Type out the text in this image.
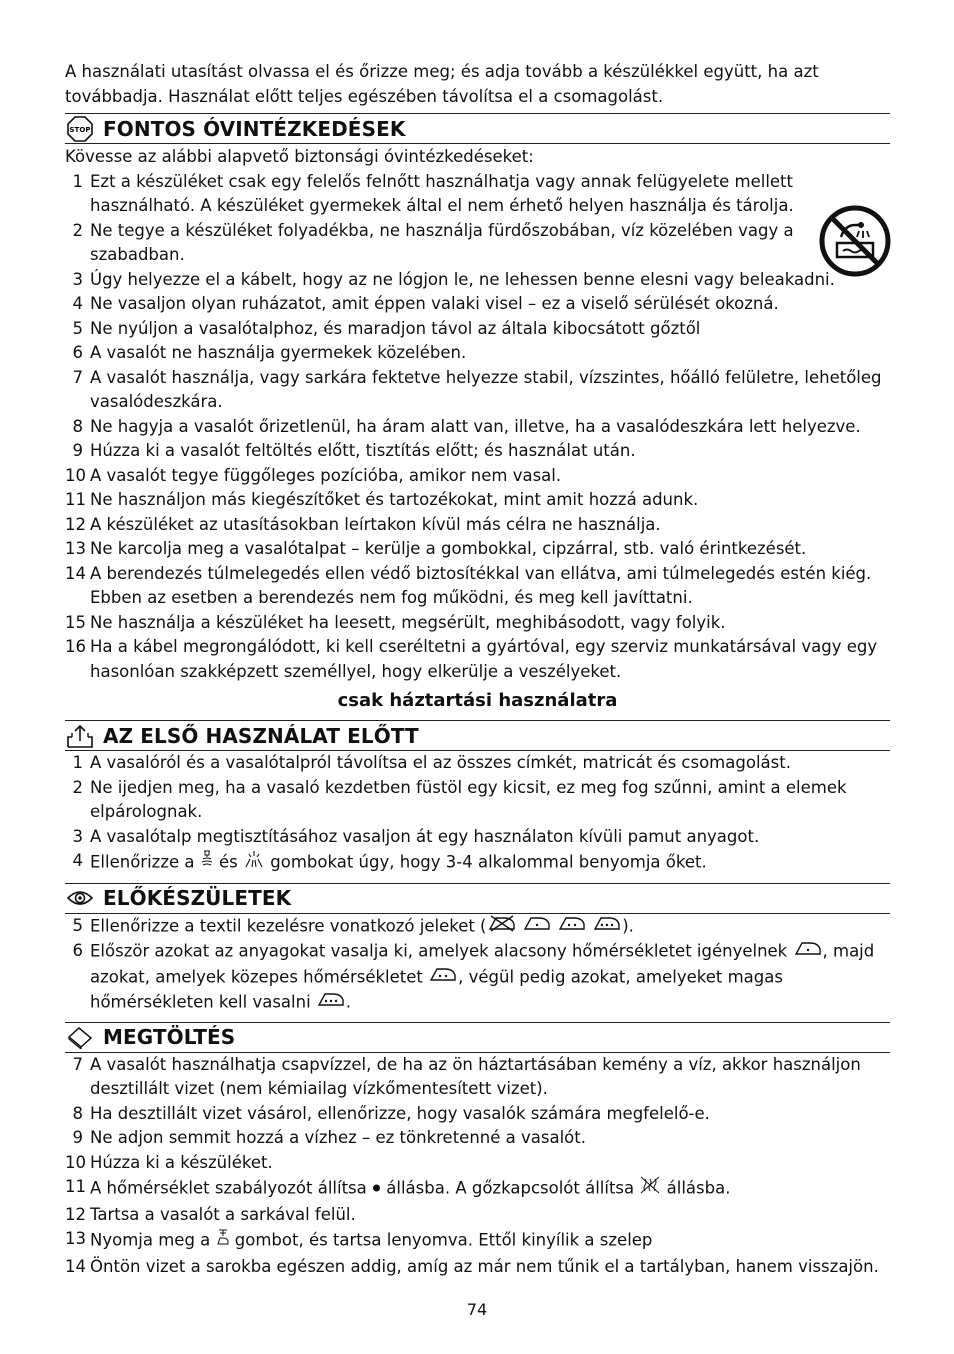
A használati utasítást olvassa el és őrizze meg; és adja tovább a készülékkel együtt, ha azt továbbadja. Használat előtt teljes egészében távolítsa el a csomagolást.

STOP FONTOS ÓVINTÉZKEDÉSEK
Kövesse az alábbi alapvető biztonsági óvintézkedéseket:
1 Ezt a készüléket csak egy felelős felnőtt használhatja vagy annak felügyelete mellett használható. A készüléket gyermekek által el nem érhető helyen használja és tárolja.
2 Ne tegye a készüléket folyadékba, ne használja fürdőszobában, víz közelében vagy a szabadban.
3 Úgy helyezze el a kábelt, hogy az ne lógjon le, ne lehessen benne elesni vagy beleakadni.
4 Ne vasaljon olyan ruházatot, amit éppen valaki visel – ez a viselő sérülését okozná.
5 Ne nyúljon a vasalótalphoz, és maradjon távol az általa kibocsátott gőztől
6 A vasalót ne használja gyermekek közelében.
7 A vasalót használja, vagy sarkára fektetve helyezze stabil, vízszintes, hőálló felületre, lehetőleg vasalódeszkára.
8 Ne hagyja a vasalót őrizetlenül, ha áram alatt van, illetve, ha a vasalódeszkára lett helyezve.
9 Húzza ki a vasalót feltöltés előtt, tisztítás előtt; és használat után.
10 A vasalót tegye függőleges pozícióba, amikor nem vasal.
11 Ne használjon más kiegészítőket és tartozékokat, mint amit hozzá adunk.
12 A készüléket az utasításokban leírtakon kívül más célra ne használja.
13 Ne karcolja meg a vasalótalpat – kerülje a gombokkal, cipzárral, stb. való érintkezését.
14 A berendezés túlmelegedés ellen védő biztosítékkal van ellátva, ami túlmelegedés estén kiég. Ebben az esetben a berendezés nem fog működni, és meg kell javíttatni.
15 Ne használja a készüléket ha leesett, megsérült, meghibásodott, vagy folyik.
16 Ha a kábel megrongálódott, ki kell cseréltetni a gyártóval, egy szerviz munkatársával vagy egy hasonlóan szakképzett személlyel, hogy elkerülje a veszélyeket.
csak háztartási használatra
AZ ELSŐ HASZNÁLAT ELŐTT
1 A vasalóról és a vasalótalpról távolítsa el az összes címkét, matricát és csomagolást.
2 Ne ijedjen meg, ha a vasaló kezdetben füstöl egy kicsit, ez meg fog szűnni, amint a elemek elpárolognak.
3 A vasalótalp megtisztításához vasaljon át egy használaton kívüli pamut anyagot.
4 Ellenőrizze a és gombokat úgy, hogy 3-4 alkalommal benyomja őket.
ELŐKÉSZÜLETEK
5 Ellenőrizze a textil kezelésre vonatkozó jeleket (	).
6 Először azokat az anyagokat vasalja ki, amelyek alacsony hőmérsékletet igényelnek , majd azokat, amelyek közepes hőmérsékletet , végül pedig azokat, amelyeket magas hőmérsékleten kell vasalni .
MEGTÖLTÉS
7 A vasalót használhatja csapvízzel, de ha az ön háztartásában kemény a víz, akkor használjon desztillált vizet (nem kémiailag vízkőmentesített vizet).
8 Ha desztillált vizet vásárol, ellenőrizze, hogy vasalók számára megfelelő-e.
9 Ne adjon semmit hozzá a vízhez – ez tönkretenné a vasalót.
10 Húzza ki a készüléket.
11 A hőmérséklet szabályozót állítsa állásba. A gőzkapcsolót állítsa állásba.
12 Tartsa a vasalót a sarkával felül.
13 Nyomja meg a gombot, és tartsa lenyomva. Ettől kinyílik a szelep
14 Öntön vizet a sarokba egészen addig, amíg az már nem tűnik el a tartályban, hanem visszajön.
74
